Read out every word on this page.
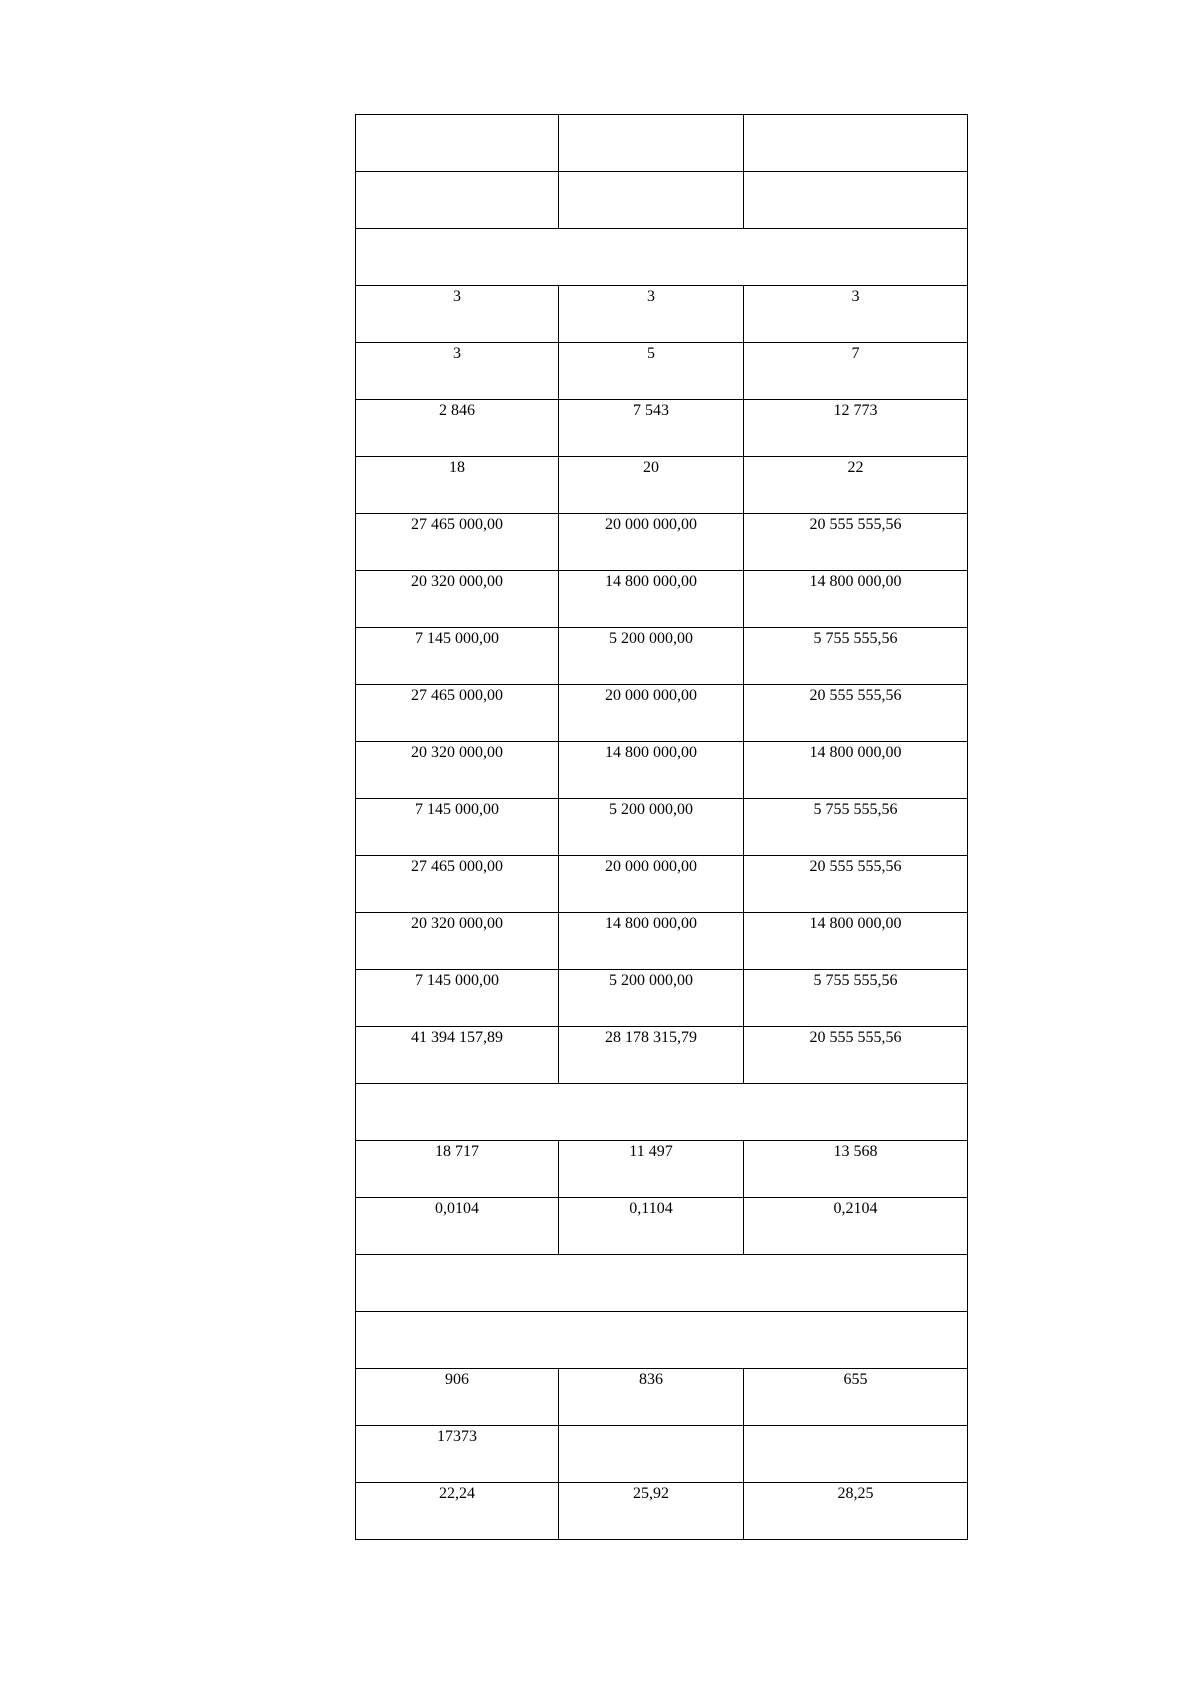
3	3	3

3	5	7

2 846	7 543	12 773

18	20	22

27 465 000,00	20 000 000,00	20 555 555,56

20 320 000,00	14 800 000,00	14 800 000,00

7 145 000,00	5 200 000,00	5 755 555,56

27 465 000,00	20 000 000,00	20 555 555,56

20 320 000,00	14 800 000,00	14 800 000,00

7 145 000,00	5 200 000,00	5 755 555,56

27 465 000,00	20 000 000,00	20 555 555,56

20 320 000,00	14 800 000,00	14 800 000,00

7 145 000,00	5 200 000,00	5 755 555,56

41 394 157,89	28 178 315,79	20 555 555,56

18 717	11 497	13 568

0,0104	0,1104	0,2104

906	836	655

17373		

22,24	25,92	28,25
